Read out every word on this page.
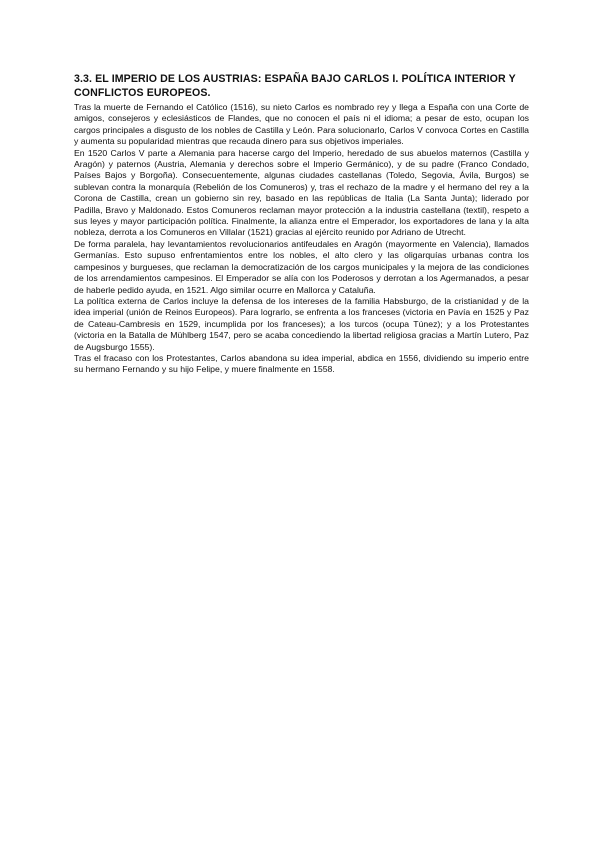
3.3. EL IMPERIO DE LOS AUSTRIAS: ESPAÑA BAJO CARLOS I. POLÍTICA INTERIOR Y CONFLICTOS EUROPEOS.

Tras la muerte de Fernando el Católico (1516), su nieto Carlos es nombrado rey y llega a España con una Corte de amigos, consejeros y eclesiásticos de Flandes, que no conocen el país ni el idioma; a pesar de esto, ocupan los cargos principales a disgusto de los nobles de Castilla y León. Para solucionarlo, Carlos V convoca Cortes en Castilla y aumenta su popularidad mientras que recauda dinero para sus objetivos imperiales.

En 1520 Carlos V parte a Alemania para hacerse cargo del Imperio, heredado de sus abuelos maternos (Castilla y Aragón) y paternos (Austria, Alemania y derechos sobre el Imperio Germánico), y de su padre (Franco Condado, Países Bajos y Borgoña). Consecuentemente, algunas ciudades castellanas (Toledo, Segovia, Ávila, Burgos) se sublevan contra la monarquía (Rebelión de los Comuneros) y, tras el rechazo de la madre y el hermano del rey a la Corona de Castilla, crean un gobierno sin rey, basado en las repúblicas de Italia (La Santa Junta); liderado por Padilla, Bravo y Maldonado. Estos Comuneros reclaman mayor protección a la industria castellana (textil), respeto a sus leyes y mayor participación política. Finalmente, la alianza entre el Emperador, los exportadores de lana y la alta nobleza, derrota a los Comuneros en Villalar (1521) gracias al ejército reunido por Adriano de Utrecht.

De forma paralela, hay levantamientos revolucionarios antifeudales en Aragón (mayormente en Valencia), llamados Germanías. Esto supuso enfrentamientos entre los nobles, el alto clero y las oligarquías urbanas contra los campesinos y burgueses, que reclaman la democratización de los cargos municipales y la mejora de las condiciones de los arrendamientos campesinos. El Emperador se alía con los Poderosos y derrotan a los Agermanados, a pesar de haberle pedido ayuda, en 1521. Algo similar ocurre en Mallorca y Cataluña.

La política externa de Carlos incluye la defensa de los intereses de la familia Habsburgo, de la cristianidad y de la idea imperial (unión de Reinos Europeos). Para lograrlo, se enfrenta a los franceses (victoria en Pavía en 1525 y Paz de Cateau-Cambresis en 1529, incumplida por los franceses); a los turcos (ocupa Túnez); y a los Protestantes (victoria en la Batalla de Mühlberg 1547, pero se acaba concediendo la libertad religiosa gracias a Martín Lutero, Paz de Augsburgo 1555).

Tras el fracaso con los Protestantes, Carlos abandona su idea imperial, abdica en 1556, dividiendo su imperio entre su hermano Fernando y su hijo Felipe, y muere finalmente en 1558.
